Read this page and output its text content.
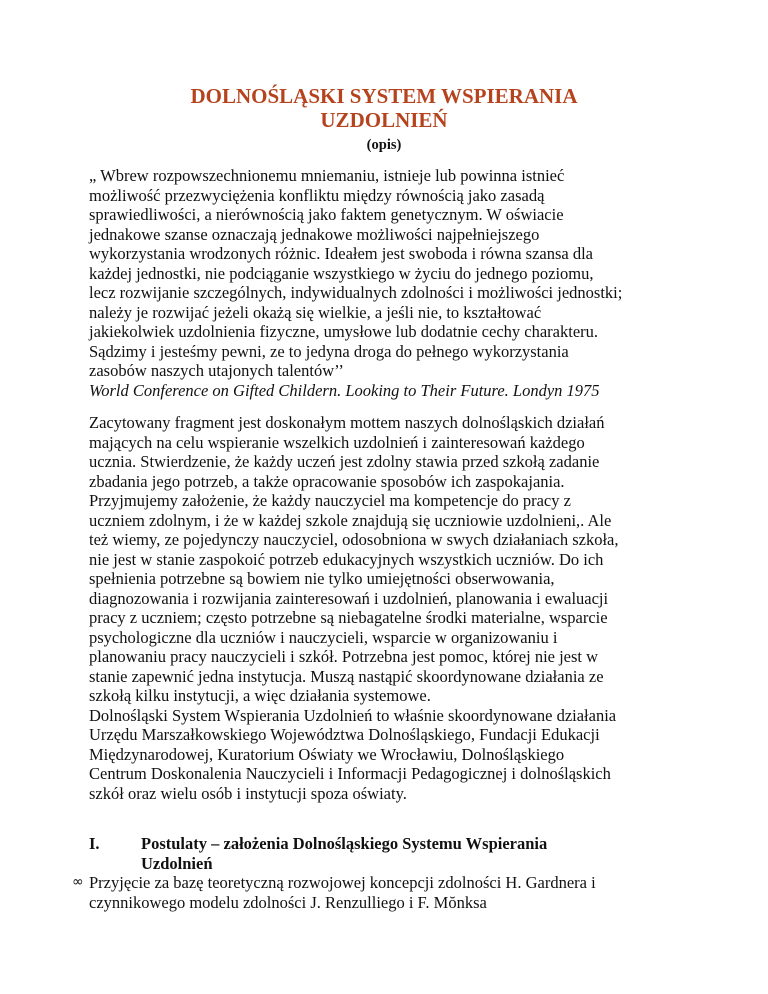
DOLNOŚLĄSKI SYSTEM WSPIERANIA
UZDOLNIEŃ
(opis)
„ Wbrew rozpowszechnionemu mniemaniu, istnieje lub powinna istnieć
możliwość przezwyciężenia konfliktu między równością jako zasadą
sprawiedliwości, a nierównością jako faktem genetycznym. W oświacie
jednakowe szanse oznaczają jednakowe możliwości najpełniejszego
wykorzystania wrodzonych różnic. Ideałem jest swoboda i równa szansa dla
każdej jednostki, nie podciąganie wszystkiego w życiu do jednego poziomu,
lecz rozwijanie szczególnych, indywidualnych zdolności i możliwości jednostki;
należy je rozwijać jeżeli okażą się wielkie, a jeśli nie, to kształtować
jakiekolwiek uzdolnienia fizyczne, umysłowe lub dodatnie cechy charakteru.
Sądzimy i jesteśmy pewni, ze to jedyna droga do pełnego wykorzystania
zasobów naszych utajonych talentów’’
World Conference on Gifted Childern. Looking to Their Future. Londyn 1975
Zacytowany fragment jest doskonałym mottem naszych dolnośląskich działań
mających na celu wspieranie wszelkich uzdolnień i zainteresowań każdego
ucznia. Stwierdzenie, że każdy uczeń jest zdolny stawia przed szkołą zadanie
zbadania jego potrzeb, a także opracowanie sposobów ich zaspokajania.
Przyjmujemy założenie, że każdy nauczyciel ma kompetencje do pracy z
uczniem zdolnym, i że w każdej szkole znajdują się uczniowie uzdolnieni,. Ale
też wiemy, ze pojedynczy nauczyciel, odosobniona w swych działaniach szkoła,
nie jest w stanie zaspokoić potrzeb edukacyjnych wszystkich uczniów. Do ich
spełnienia potrzebne są bowiem nie tylko umiejętności obserwowania,
diagnozowania i rozwijania zainteresowań i uzdolnień, planowania i ewaluacji
pracy z uczniem; często potrzebne są niebagatelne środki materialne, wsparcie
psychologiczne dla uczniów i nauczycieli, wsparcie w organizowaniu i
planowaniu pracy nauczycieli i szkół. Potrzebna jest pomoc, której nie jest w
stanie zapewnić jedna instytucja. Muszą nastąpić skoordynowane działania ze
szkołą kilku instytucji, a więc działania systemowe.
Dolnośląski System Wspierania Uzdolnień to właśnie skoordynowane działania
Urzędu Marszałkowskiego Województwa Dolnośląskiego, Fundacji Edukacji
Międzynarodowej, Kuratorium Oświaty we Wrocławiu, Dolnośląskiego
Centrum Doskonalenia Nauczycieli i Informacji Pedagogicznej i dolnośląskich
szkół oraz wielu osób i instytucji spoza oświaty.
I.	Postulaty – założenia Dolnośląskiego Systemu Wspierania
Uzdolnień
∞ Przyjęcie za bazę teoretyczną rozwojowej koncepcji zdolności H. Gardnera i
czynnikowego modelu zdolności J. Renzulliego i F. Mŏnksa
